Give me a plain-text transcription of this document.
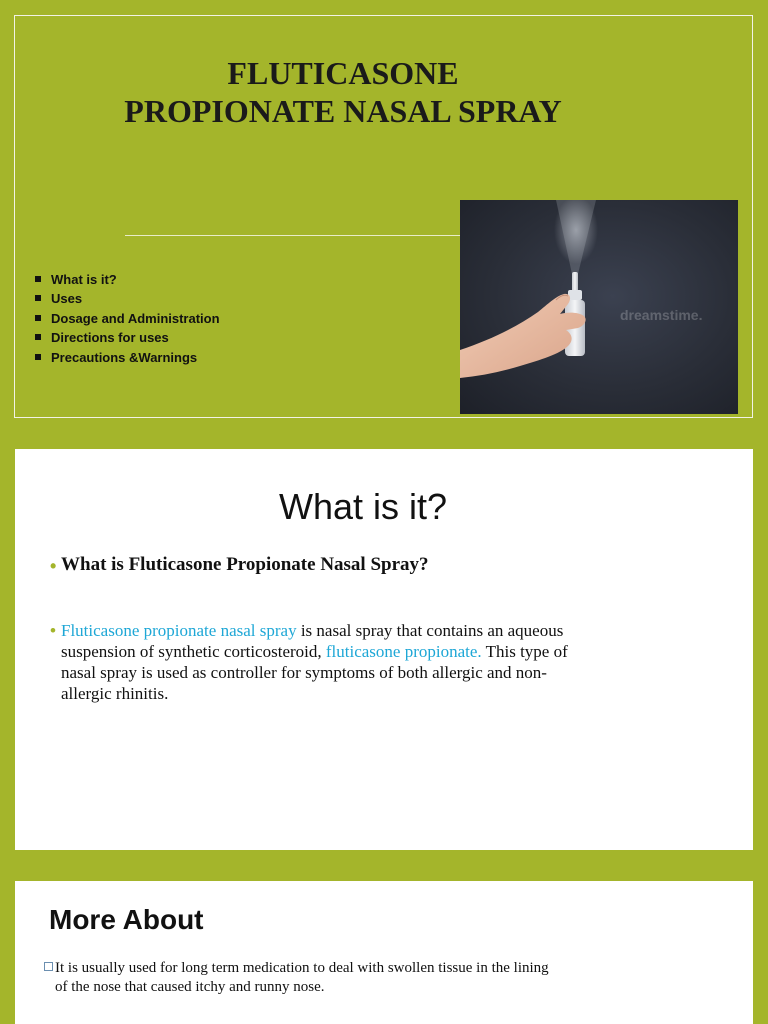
FLUTICASONE
PROPIONATE NASAL SPRAY
What is it?
Uses
Dosage and Administration
Directions for uses
Precautions &Warnings
dreamstime.
What is it?
• What is Fluticasone Propionate Nasal Spray?
• Fluticasone propionate nasal spray is nasal spray that contains an aqueous
suspension of synthetic corticosteroid, fluticasone propionate. This type of
nasal spray is used as controller for symptoms of both allergic and non-
allergic rhinitis.
More About
It is usually used for long term medication to deal with swollen tissue in the lining
of the nose that caused itchy and runny nose.
